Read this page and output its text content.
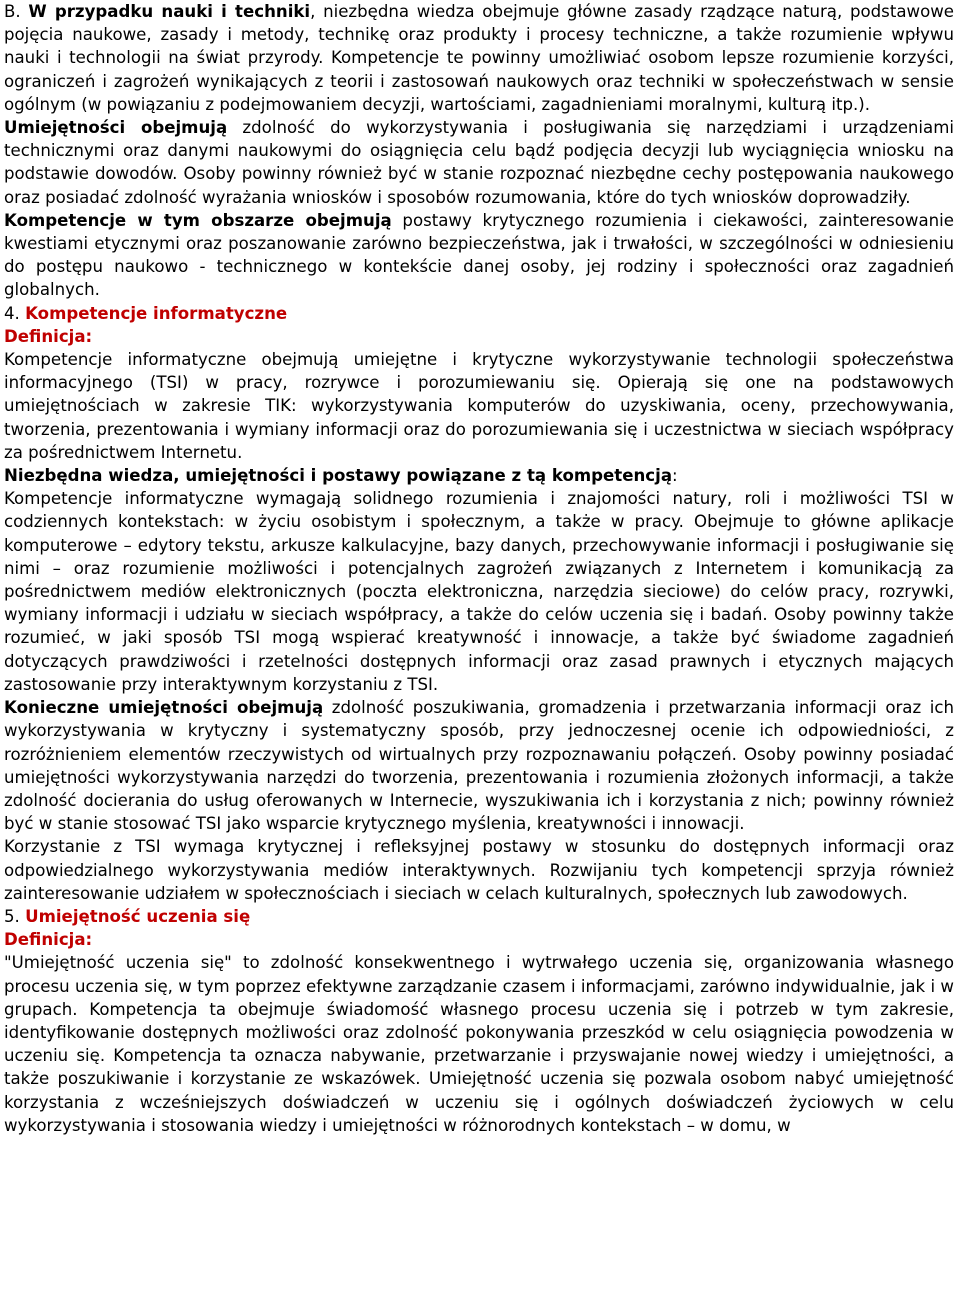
B. W przypadku nauki i techniki, niezbędna wiedza obejmuje główne zasady rządzące naturą, podstawowe pojęcia naukowe, zasady i metody, technikę oraz produkty i procesy techniczne, a także rozumienie wpływu nauki i technologii na świat przyrody. Kompetencje te powinny umożliwiać osobom lepsze rozumienie korzyści, ograniczeń i zagrożeń wynikających z teorii i zastosowań naukowych oraz techniki w społeczeństwach w sensie ogólnym (w powiązaniu z podejmowaniem decyzji, wartościami, zagadnieniami moralnymi, kulturą itp.).

Umiejętności obejmują zdolność do wykorzystywania i posługiwania się narzędziami i urządzeniami technicznymi oraz danymi naukowymi do osiągnięcia celu bądź podjęcia decyzji lub wyciągnięcia wniosku na podstawie dowodów. Osoby powinny również być w stanie rozpoznać niezbędne cechy postępowania naukowego oraz posiadać zdolność wyrażania wniosków i sposobów rozumowania, które do tych wniosków doprowadziły.

Kompetencje w tym obszarze obejmują postawy krytycznego rozumienia i ciekawości, zainteresowanie kwestiami etycznymi oraz poszanowanie zarówno bezpieczeństwa, jak i trwałości, w szczególności w odniesieniu do postępu naukowo - technicznego w kontekście danej osoby, jej rodziny i społeczności oraz zagadnień globalnych.

4. Kompetencje informatyczne

Definicja:

Kompetencje informatyczne obejmują umiejętne i krytyczne wykorzystywanie technologii społeczeństwa informacyjnego (TSI) w pracy, rozrywce i porozumiewaniu się. Opierają się one na podstawowych umiejętnościach w zakresie TIK: wykorzystywania komputerów do uzyskiwania, oceny, przechowywania, tworzenia, prezentowania i wymiany informacji oraz do porozumiewania się i uczestnictwa w sieciach współpracy za pośrednictwem Internetu.

Niezbędna wiedza, umiejętności i postawy powiązane z tą kompetencją:

Kompetencje informatyczne wymagają solidnego rozumienia i znajomości natury, roli i możliwości TSI w codziennych kontekstach: w życiu osobistym i społecznym, a także w pracy. Obejmuje to główne aplikacje komputerowe – edytory tekstu, arkusze kalkulacyjne, bazy danych, przechowywanie informacji i posługiwanie się nimi – oraz rozumienie możliwości i potencjalnych zagrożeń związanych z Internetem i komunikacją za pośrednictwem mediów elektronicznych (poczta elektroniczna, narzędzia sieciowe) do celów pracy, rozrywki, wymiany informacji i udziału w sieciach współpracy, a także do celów uczenia się i badań. Osoby powinny także rozumieć, w jaki sposób TSI mogą wspierać kreatywność i innowacje, a także być świadome zagadnień dotyczących prawdziwości i rzetelności dostępnych informacji oraz zasad prawnych i etycznych mających zastosowanie przy interaktywnym korzystaniu z TSI.

Konieczne umiejętności obejmują zdolność poszukiwania, gromadzenia i przetwarzania informacji oraz ich wykorzystywania w krytyczny i systematyczny sposób, przy jednoczesnej ocenie ich odpowiedniości, z rozróżnieniem elementów rzeczywistych od wirtualnych przy rozpoznawaniu połączeń. Osoby powinny posiadać umiejętności wykorzystywania narzędzi do tworzenia, prezentowania i rozumienia złożonych informacji, a także zdolność docierania do usług oferowanych w Internecie, wyszukiwania ich i korzystania z nich; powinny również być w stanie stosować TSI jako wsparcie krytycznego myślenia, kreatywności i innowacji.

Korzystanie z TSI wymaga krytycznej i refleksyjnej postawy w stosunku do dostępnych informacji oraz odpowiedzialnego wykorzystywania mediów interaktywnych. Rozwijaniu tych kompetencji sprzyja również zainteresowanie udziałem w społecznościach i sieciach w celach kulturalnych, społecznych lub zawodowych.

5. Umiejętność uczenia się

Definicja:

"Umiejętność uczenia się" to zdolność konsekwentnego i wytrwałego uczenia się, organizowania własnego procesu uczenia się, w tym poprzez efektywne zarządzanie czasem i informacjami, zarówno indywidualnie, jak i w grupach. Kompetencja ta obejmuje świadomość własnego procesu uczenia się i potrzeb w tym zakresie, identyfikowanie dostępnych możliwości oraz zdolność pokonywania przeszkód w celu osiągnięcia powodzenia w uczeniu się. Kompetencja ta oznacza nabywanie, przetwarzanie i przyswajanie nowej wiedzy i umiejętności, a także poszukiwanie i korzystanie ze wskazówek. Umiejętność uczenia się pozwala osobom nabyć umiejętność korzystania z wcześniejszych doświadczeń w uczeniu się i ogólnych doświadczeń życiowych w celu wykorzystywania i stosowania wiedzy i umiejętności w różnorodnych kontekstach – w domu, w
